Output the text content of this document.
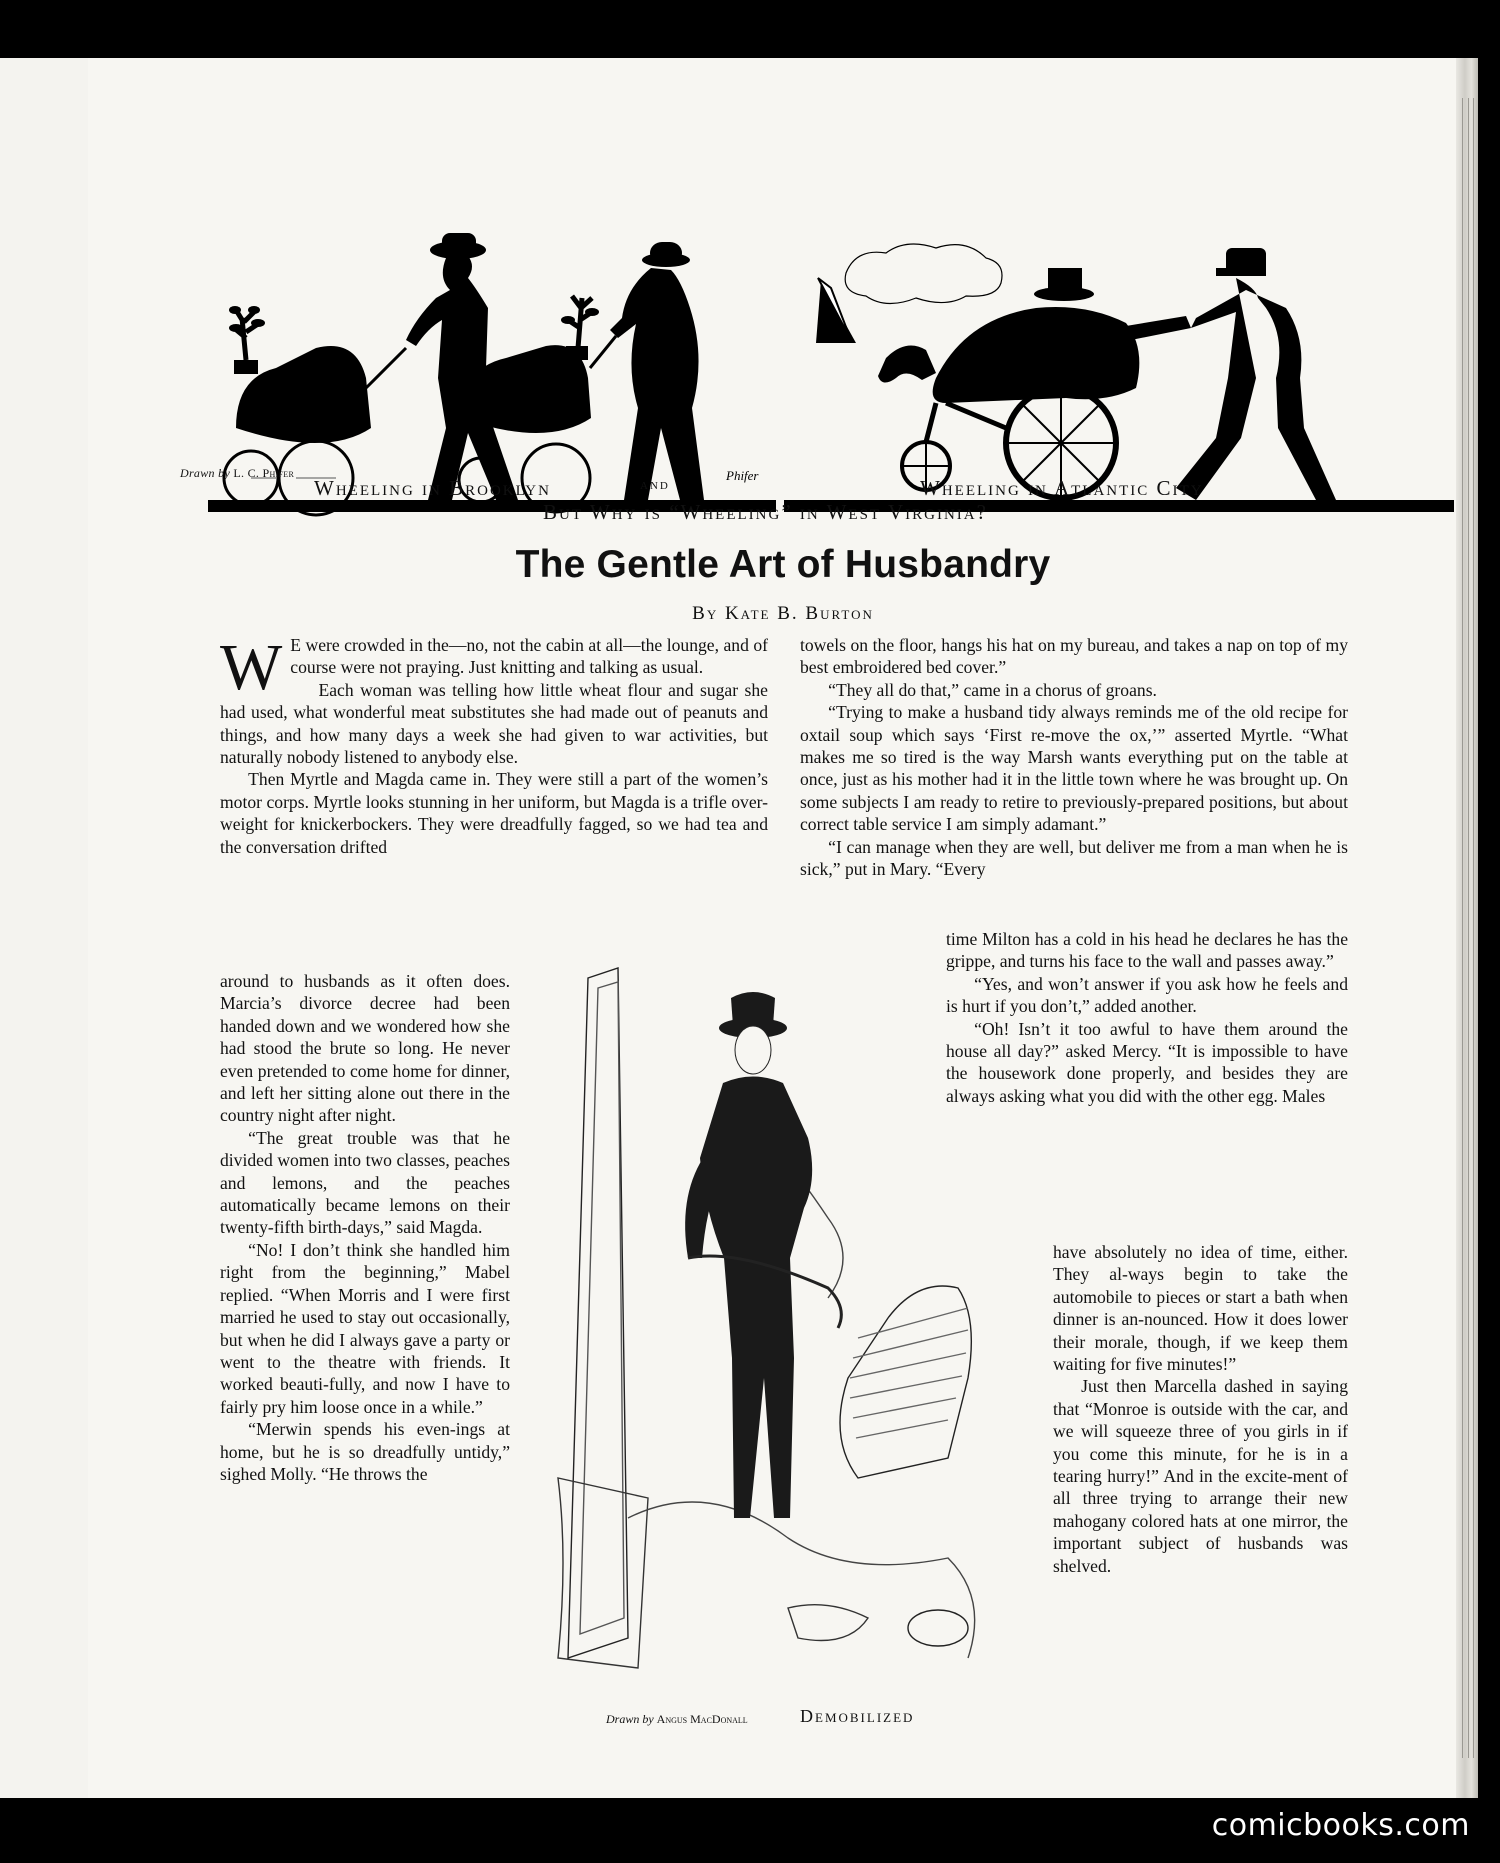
Phifer
Drawn by L. C. Phifer
Wheeling in Brooklyn	and	Wheeling in Atlantic City
But Why is “Wheeling” in West Virginia?
The Gentle Art of Husbandry
By Kate B. Burton

W E were crowded in the—no, not the cabin at all—the lounge, and of course were not praying. Just knitting and talking as usual.

Each woman was telling how little wheat flour and sugar she had used, what wonderful meat substitutes she had made out of peanuts and things, and how many days a week she had given to war activities, but naturally nobody listened to anybody else.

Then Myrtle and Magda came in. They were still a part of the women’s motor corps. Myrtle looks stunning in her uniform, but Magda is a trifle over-weight for knickerbockers. They were dreadfully fagged, so we had tea and the conversation drifted

around to husbands as it often does. Marcia’s divorce decree had been handed down and we wondered how she had stood the brute so long. He never even pretended to come home for dinner, and left her sitting alone out there in the country night after night.

“The great trouble was that he divided women into two classes, peaches and lemons, and the peaches automatically became lemons on their twenty-fifth birth-days,” said Magda.

“No! I don’t think she handled him right from the beginning,” Mabel replied. “When Morris and I were first married he used to stay out occasionally, but when he did I always gave a party or went to the theatre with friends. It worked beauti-fully, and now I have to fairly pry him loose once in a while.”

“Merwin spends his even-ings at home, but he is so dreadfully untidy,” sighed Molly. “He throws the

towels on the floor, hangs his hat on my bureau, and takes a nap on top of my best embroidered bed cover.”

“They all do that,” came in a chorus of groans.

“Trying to make a husband tidy always reminds me of the old recipe for oxtail soup which says ‘First re-move the ox,’” asserted Myrtle. “What makes me so tired is the way Marsh wants everything put on the table at once, just as his mother had it in the little town where he was brought up. On some subjects I am ready to retire to previously-prepared positions, but about correct table service I am simply adamant.”

“I can manage when they are well, but deliver me from a man when he is sick,” put in Mary. “Every

time Milton has a cold in his head he declares he has the grippe, and turns his face to the wall and passes away.”

“Yes, and won’t answer if you ask how he feels and is hurt if you don’t,” added another.

“Oh! Isn’t it too awful to have them around the house all day?” asked Mercy. “It is impossible to have the housework done properly, and besides they are always asking what you did with the other egg. Males

have absolutely no idea of time, either. They al-ways begin to take the automobile to pieces or start a bath when dinner is an-nounced. How it does lower their morale, though, if we keep them waiting for five minutes!”

Just then Marcella dashed in saying that “Monroe is outside with the car, and we will squeeze three of you girls in if you come this minute, for he is in a tearing hurry!” And in the excite-ment of all three trying to arrange their new mahogany colored hats at one mirror, the important subject of husbands was shelved.

Drawn by Angus MacDonall	Demobilized
comicbooks.com
